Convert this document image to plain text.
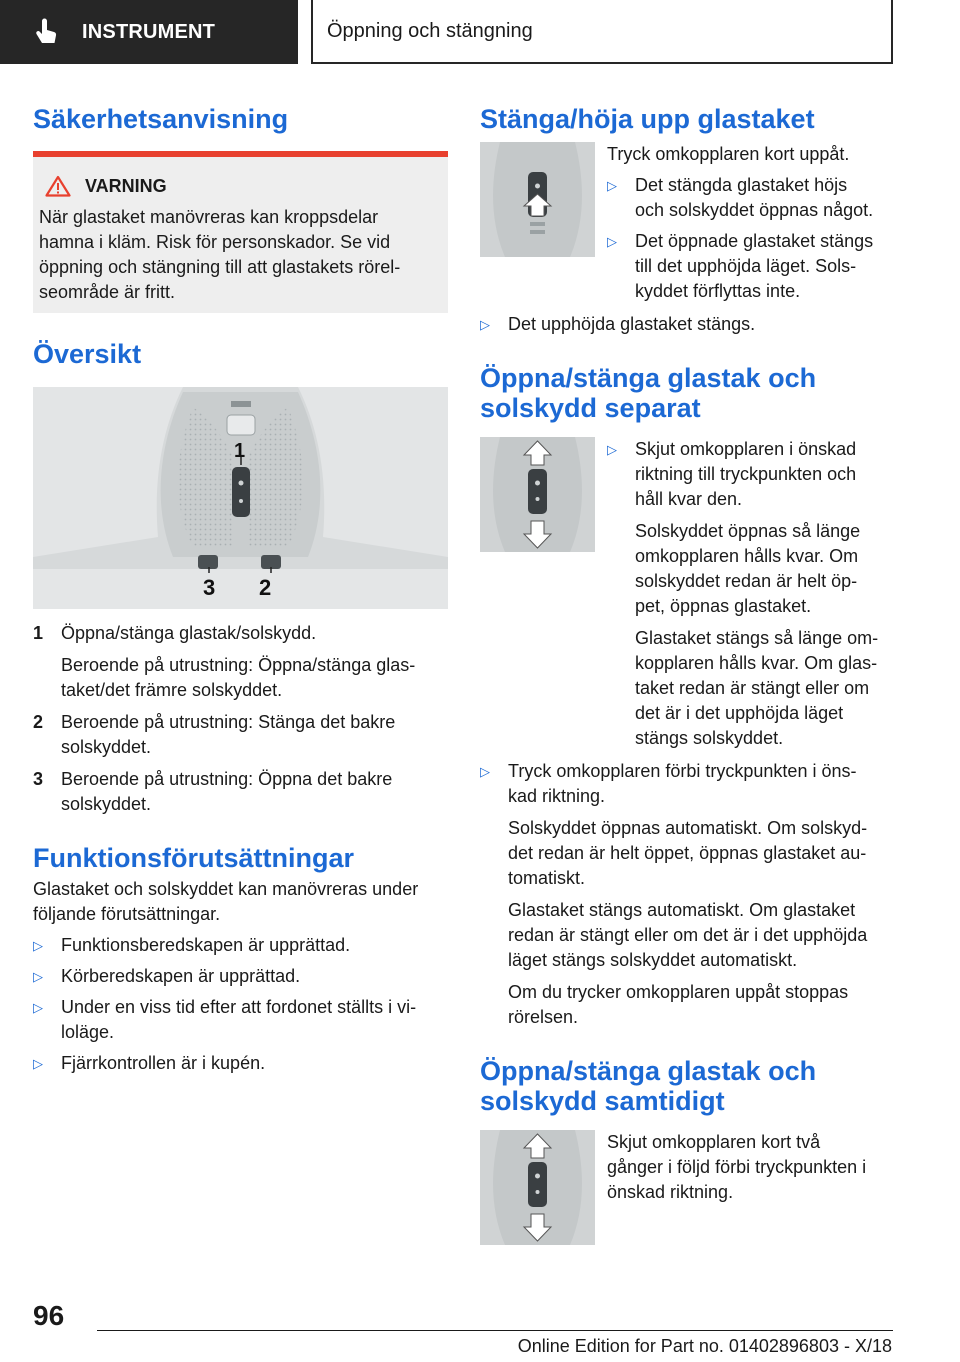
INSTRUMENT	Öppning och stängning
Säkerhetsanvisning
VARNING

När glastaket manövreras kan kroppsdelar

hamna i kläm. Risk för personskador. Se vid

öppning och stängning till att glastakets rörel‐

seområde är fritt.

Översikt
1
3 2
1 Öppna/stänga glastak/solskydd.

Beroende på utrustning: Öppna/stänga glas‐

taket/det främre solskyddet.

2 Beroende på utrustning: Stänga det bakre

solskyddet.

3 Beroende på utrustning: Öppna det bakre

solskyddet.

Funktionsförutsättningar

Glastaket och solskyddet kan manövreras under

följande förutsättningar.

▷	Funktionsberedskapen är upprättad.

▷	Körberedskapen är upprättad.

▷	Under en viss tid efter att fordonet ställts i vi‐

loläge.

▷	Fjärrkontrollen är i kupén.

Stänga/höja upp glastaket

Tryck omkopplaren kort uppåt.

▷	Det stängda glastaket höjs

och solskyddet öppnas något.

▷	Det öppnade glastaket stängs

till det upphöjda läget. Sols‐

kyddet förflyttas inte.

▷	Det upphöjda glastaket stängs.

Öppna/stänga glastak och
solskydd separat
▷	Skjut omkopplaren i önskad

riktning till tryckpunkten och

håll kvar den.

Solskyddet öppnas så länge

omkopplaren hålls kvar. Om

solskyddet redan är helt öp‐

pet, öppnas glastaket.

Glastaket stängs så länge om‐

kopplaren hålls kvar. Om glas‐

taket redan är stängt eller om

det är i det upphöjda läget

stängs solskyddet.

▷	Tryck omkopplaren förbi tryckpunkten i öns‐

kad riktning.

Solskyddet öppnas automatiskt. Om solskyd‐

det redan är helt öppet, öppnas glastaket au‐

tomatiskt.

Glastaket stängs automatiskt. Om glastaket

redan är stängt eller om det är i det upphöjda

läget stängs solskyddet automatiskt.

Om du trycker omkopplaren uppåt stoppas

rörelsen.

Öppna/stänga glastak och
solskydd samtidigt

Skjut omkopplaren kort två

gånger i följd förbi tryckpunkten i

önskad riktning.

96
Online Edition for Part no. 01402896803 - X/18
